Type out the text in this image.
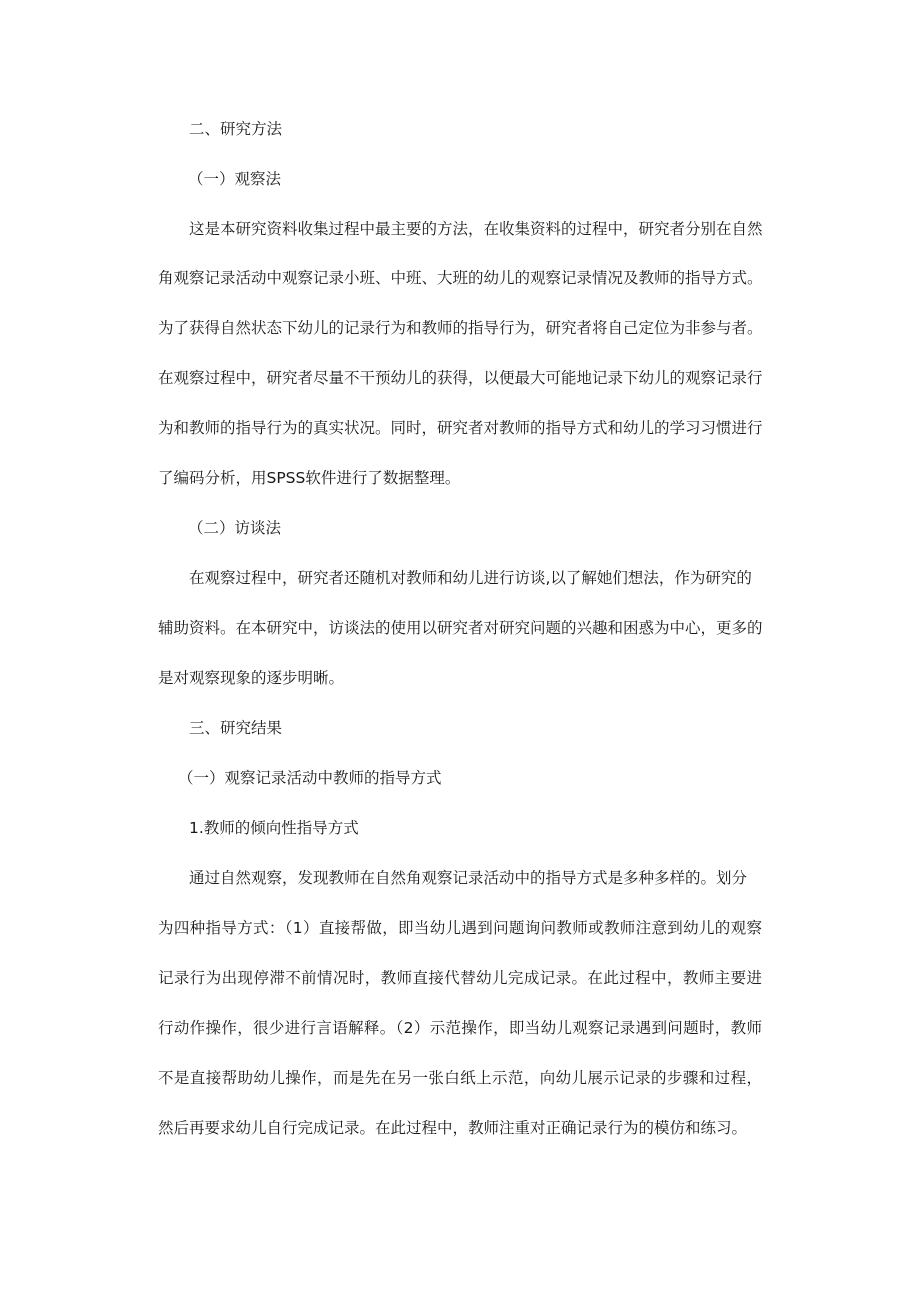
二、研究方法
（一）观察法
这是本研究资料收集过程中最主要的方法，在收集资料的过程中，研究者分别在自然
角观察记录活动中观察记录小班、中班、大班的幼儿的观察记录情况及教师的指导方式。
为了获得自然状态下幼儿的记录行为和教师的指导行为，研究者将自己定位为非参与者。
在观察过程中，研究者尽量不干预幼儿的获得，以便最大可能地记录下幼儿的观察记录行
为和教师的指导行为的真实状况。同时，研究者对教师的指导方式和幼儿的学习习惯进行
了编码分析，用SPSS软件进行了数据整理。
（二）访谈法
在观察过程中，研究者还随机对教师和幼儿进行访谈,以了解她们想法，作为研究的
辅助资料。在本研究中，访谈法的使用以研究者对研究问题的兴趣和困惑为中心，更多的
是对观察现象的逐步明晰。
三、研究结果
（一）观察记录活动中教师的指导方式
1.教师的倾向性指导方式
通过自然观察，发现教师在自然角观察记录活动中的指导方式是多种多样的。划分
为四种指导方式：（1）直接帮做，即当幼儿遇到问题询问教师或教师注意到幼儿的观察
记录行为出现停滞不前情况时，教师直接代替幼儿完成记录。在此过程中，教师主要进
行动作操作，很少进行言语解释。（2）示范操作，即当幼儿观察记录遇到问题时，教师
不是直接帮助幼儿操作，而是先在另一张白纸上示范，向幼儿展示记录的步骤和过程，
然后再要求幼儿自行完成记录。在此过程中，教师注重对正确记录行为的模仿和练习。
